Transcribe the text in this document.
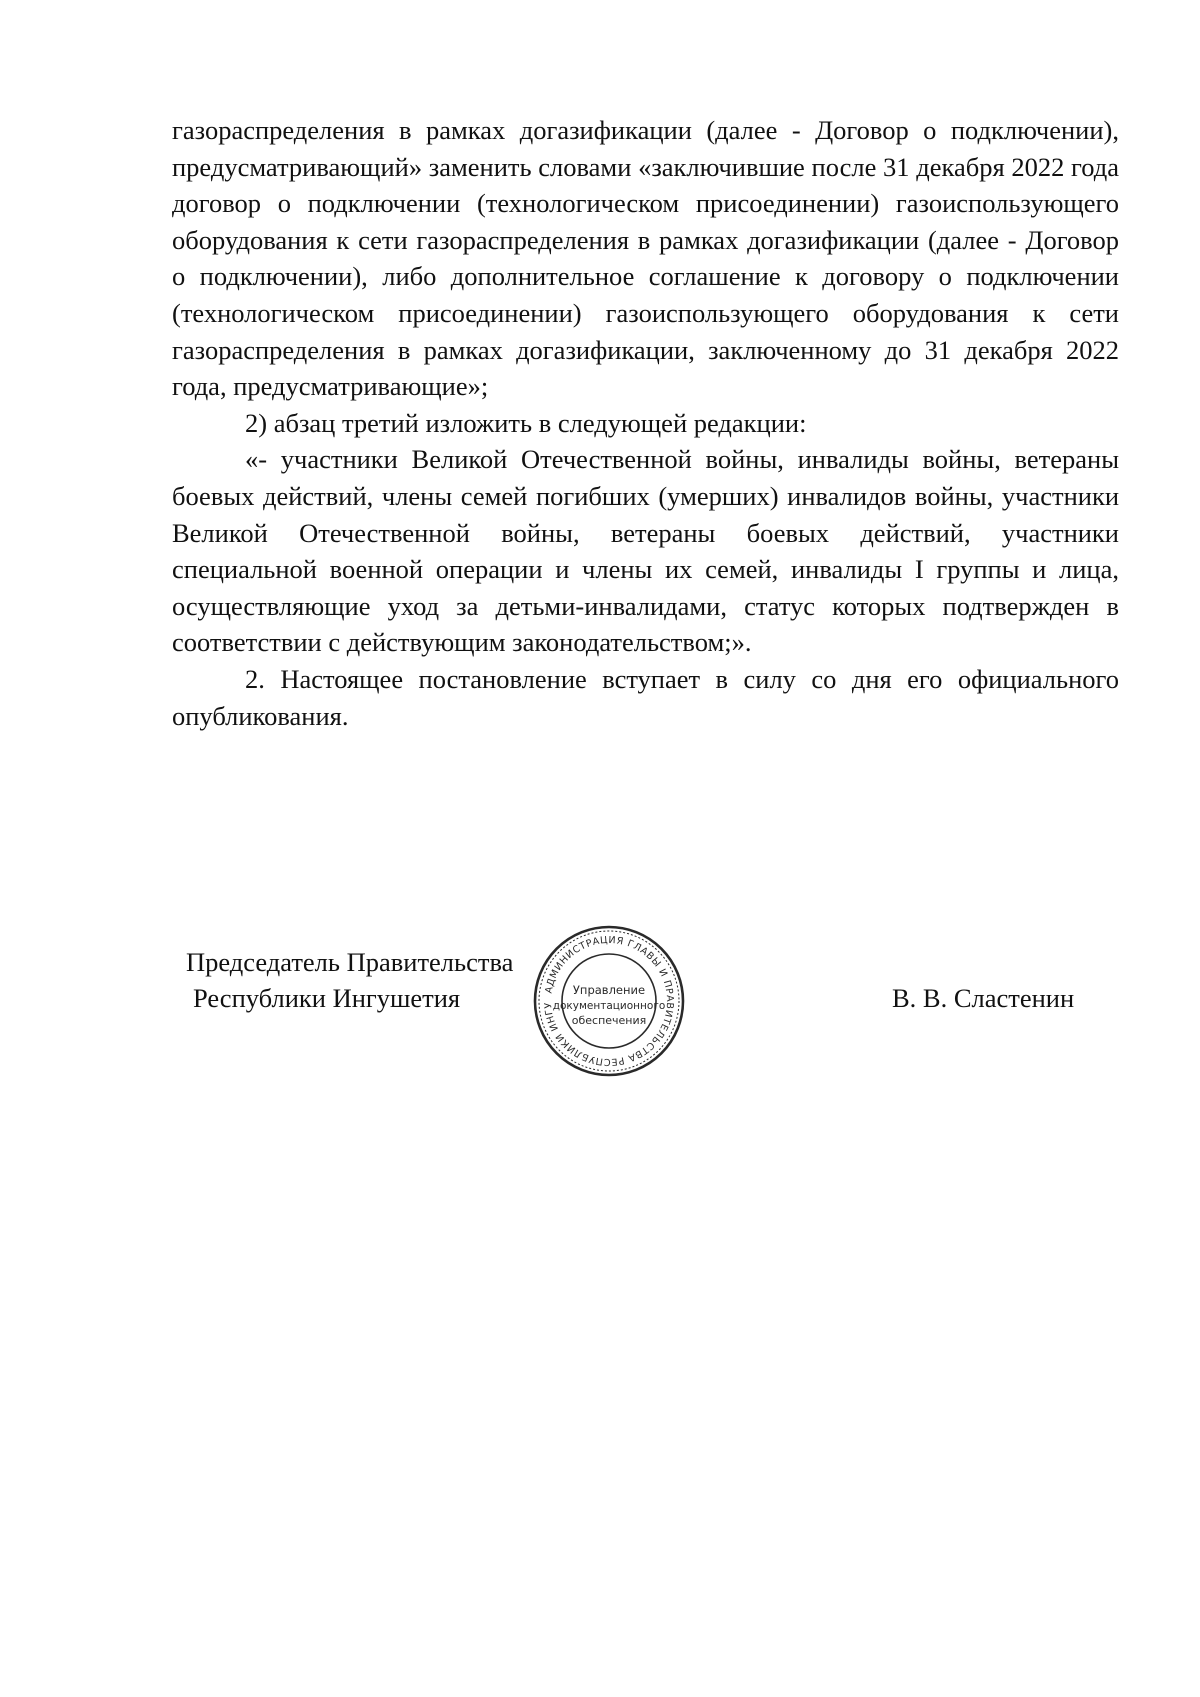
газораспределения в рамках догазификации (далее - Договор о подключении), предусматривающий» заменить словами «заключившие после 31 декабря 2022 года договор о подключении (технологическом присоединении) газоиспользующего оборудования к сети газораспределения в рамках догазификации (далее - Договор о подключении), либо дополнительное соглашение к договору о подключении (технологическом присоединении) газоиспользующего оборудования к сети газораспределения в рамках догазификации, заключенному до 31 декабря 2022 года, предусматривающие»;

2) абзац третий изложить в следующей редакции:

«- участники Великой Отечественной войны, инвалиды войны, ветераны боевых действий, члены семей погибших (умерших) инвалидов войны, участники Великой Отечественной войны, ветераны боевых действий, участники специальной военной операции и члены их семей, инвалиды I группы и лица, осуществляющие уход за детьми-инвалидами, статус которых подтвержден в соответствии с действующим законодательством;».

2. Настоящее постановление вступает в силу со дня его официального опубликования.

Председатель Правительства
Республики Ингушетия	АДМИНИСТРАЦИЯ ГЛАВЫ И ПРАВИТЕЛЬСТВА РЕСПУБЛИКИ ИНГУ
Управление
документационного
обеспечения
В. В. Сластенин
